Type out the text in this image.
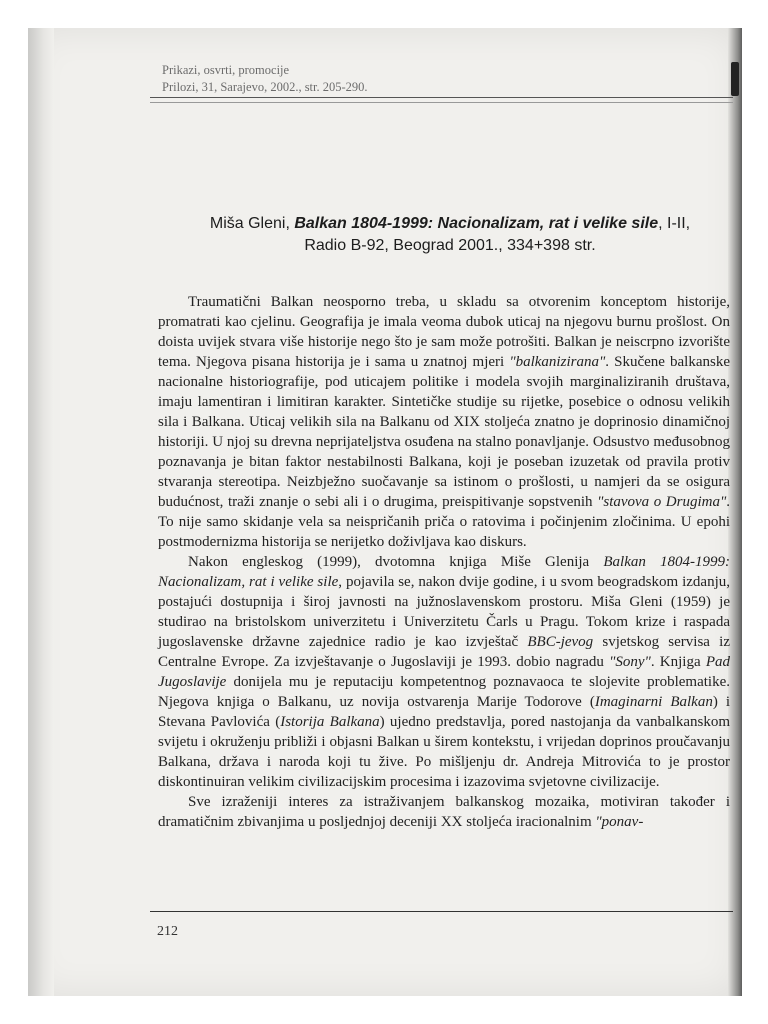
Prikazi, osvrti, promocije
Prilozi, 31, Sarajevo, 2002., str. 205-290.
Miša Gleni, Balkan 1804-1999: Nacionalizam, rat i velike sile, I-II,
Radio B-92, Beograd 2001., 334+398 str.

Traumatični Balkan neosporno treba, u skladu sa otvorenim konceptom historije, promatrati kao cjelinu. Geografija je imala veoma dubok uticaj na njegovu burnu prošlost. On doista uvijek stvara više historije nego što je sam može potrošiti. Balkan je neiscrpno izvorište tema. Njegova pisana historija je i sama u znatnoj mjeri "balkanizirana". Skučene balkanske nacionalne historiografije, pod uticajem politike i modela svojih marginaliziranih društava, imaju lamentiran i limitiran karakter. Sintetičke studije su rijetke, posebice o odnosu velikih sila i Balkana. Uticaj velikih sila na Balkanu od XIX stoljeća znatno je doprinosio dinamičnoj historiji. U njoj su drevna neprijateljstva osuđena na stalno ponavljanje. Odsustvo međusobnog poznavanja je bitan faktor nestabilnosti Balkana, koji je poseban izuzetak od pravila protiv stvaranja stereotipa. Neizbježno suočavanje sa istinom o prošlosti, u namjeri da se osigura budućnost, traži znanje o sebi ali i o drugima, preispitivanje sopstvenih "stavova o Drugima". To nije samo skidanje vela sa neispričanih priča o ratovima i počinjenim zločinima. U epohi postmodernizma historija se nerijetko doživljava kao diskurs.

Nakon engleskog (1999), dvotomna knjiga Miše Glenija Balkan 1804-1999: Nacionalizam, rat i velike sile, pojavila se, nakon dvije godine, i u svom beogradskom izdanju, postajući dostupnija i široj javnosti na južnoslavenskom prostoru. Miša Gleni (1959) je studirao na bristolskom univerzitetu i Univerzitetu Čarls u Pragu. Tokom krize i raspada jugoslavenske državne zajednice radio je kao izvještač BBC-jevog svjetskog servisa iz Centralne Evrope. Za izvještavanje o Jugoslaviji je 1993. dobio nagradu "Sony". Knjiga Pad Jugoslavije donijela mu je reputaciju kompetentnog poznavaoca te slojevite problematike. Njegova knjiga o Balkanu, uz novija ostvarenja Marije Todorove (Imaginarni Balkan) i Stevana Pavlovića (Istorija Balkana) ujedno predstavlja, pored nastojanja da vanbalkanskom svijetu i okruženju približi i objasni Balkan u širem kontekstu, i vrijedan doprinos proučavanju Balkana, država i naroda koji tu žive. Po mišljenju dr. Andreja Mitrovića to je prostor diskontinuiran velikim civilizacijskim procesima i izazovima svjetovne civilizacije.

Sve izraženiji interes za istraživanjem balkanskog mozaika, motiviran također i dramatičnim zbivanjima u posljednjoj deceniji XX stoljeća iracionalnim "ponav-

212
